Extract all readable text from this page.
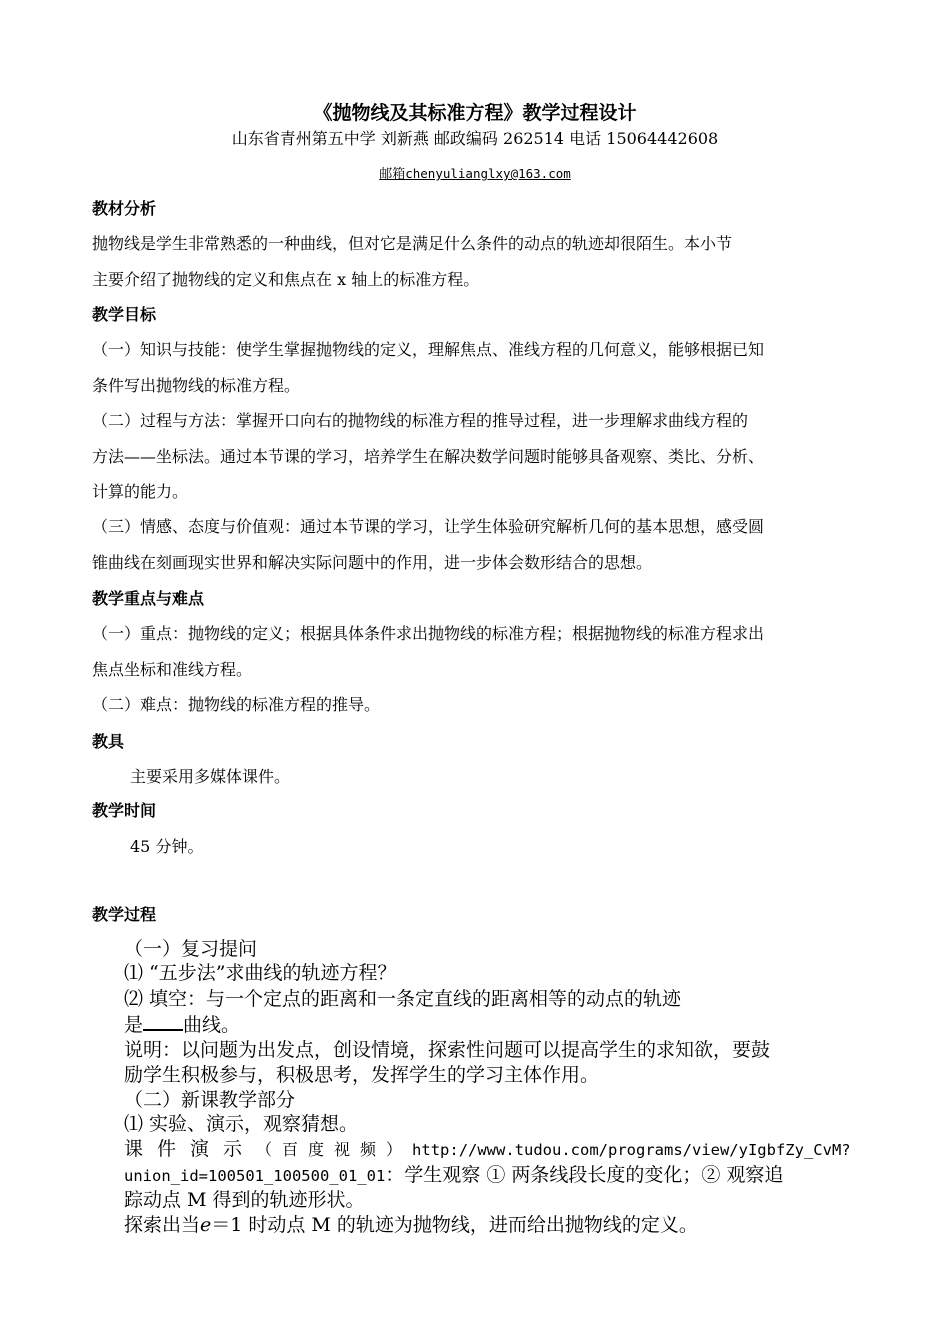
《抛物线及其标准方程》教学过程设计
山东省青州第五中学 刘新燕 邮政编码 262514 电话 15064442608
邮箱chenyulianglxy@163.com
教材分析
抛物线是学生非常熟悉的一种曲线，但对它是满足什么条件的动点的轨迹却很陌生。本小节
主要介绍了抛物线的定义和焦点在 x 轴上的标准方程。
教学目标
（一）知识与技能：使学生掌握抛物线的定义，理解焦点、准线方程的几何意义，能够根据已知
条件写出抛物线的标准方程。
（二）过程与方法：掌握开口向右的抛物线的标准方程的推导过程，进一步理解求曲线方程的
方法——坐标法。通过本节课的学习，培养学生在解决数学问题时能够具备观察、类比、分析、
计算的能力。
（三）情感、态度与价值观：通过本节课的学习，让学生体验研究解析几何的基本思想，感受圆
锥曲线在刻画现实世界和解决实际问题中的作用，进一步体会数形结合的思想。
教学重点与难点
（一）重点：抛物线的定义；根据具体条件求出抛物线的标准方程；根据抛物线的标准方程求出
焦点坐标和准线方程。
（二）难点：抛物线的标准方程的推导。
教具
主要采用多媒体课件。
教学时间
45 分钟。
教学过程
（一）复习提问
⑴ “五步法”求曲线的轨迹方程？
⑵ 填空：与一个定点的距离和一条定直线的距离相等的动点的轨迹
是 曲线。
说明：以问题为出发点，创设情境，探索性问题可以提高学生的求知欲，要鼓
励学生积极参与，积极思考，发挥学生的学习主体作用。
（二）新课教学部分
⑴ 实验、演示，观察猜想。
课件演示（百度视频）http://www.tudou.com/programs/view/yIgbfZy_CvM?
union_id=100501_100500_01_01：学生观察 ① 两条线段长度的变化；② 观察追
踪动点 M 得到的轨迹形状。
探索出当e＝1 时动点 M 的轨迹为抛物线，进而给出抛物线的定义。
